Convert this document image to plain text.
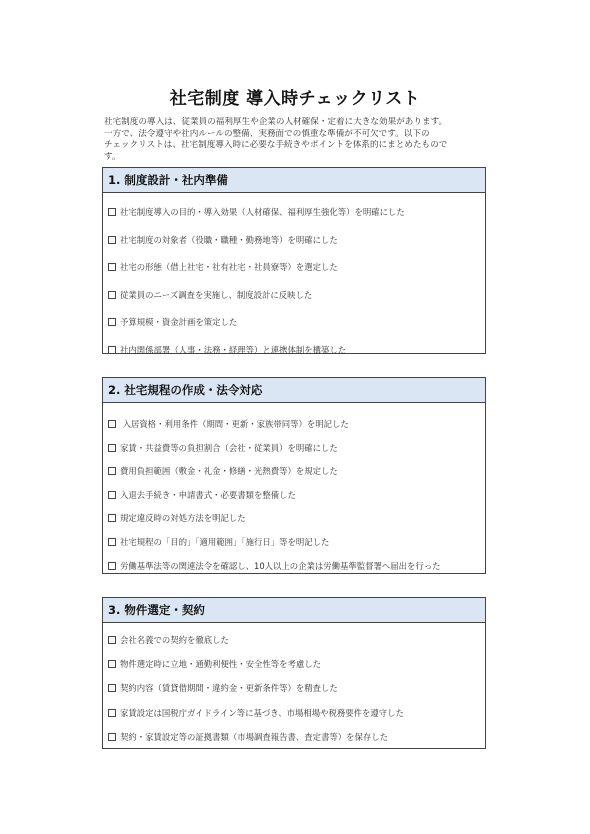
社宅制度 導入時チェックリスト
社宅制度の導入は、従業員の福利厚生や企業の人材確保・定着に大きな効果があります。
一方で、法令遵守や社内ルールの整備、実務面での慎重な準備が不可欠です。以下の
チェックリストは、社宅制度導入時に必要な手続きやポイントを体系的にまとめたもので
す。
1. 制度設計・社内準備
社宅制度導入の目的・導入効果（人材確保、福利厚生強化等）を明確にした
社宅制度の対象者（役職・職種・勤務地等）を明確にした
社宅の形態（借上社宅・社有社宅・社員寮等）を選定した
従業員のニーズ調査を実施し、制度設計に反映した
予算規模・資金計画を策定した
社内関係部署（人事・法務・経理等）と連携体制を構築した
2. 社宅規程の作成・法令対応
入居資格・利用条件（期間・更新・家族帯同等）を明記した
家賃・共益費等の負担割合（会社・従業員）を明確にした
費用負担範囲（敷金・礼金・修繕・光熱費等）を規定した
入退去手続き・申請書式・必要書類を整備した
規定違反時の対処方法を明記した
社宅規程の「目的」「適用範囲」「施行日」等を明記した
労働基準法等の関連法令を確認し、10人以上の企業は労働基準監督署へ届出を行った
3. 物件選定・契約
会社名義での契約を徹底した
物件選定時に立地・通勤利便性・安全性等を考慮した
契約内容（賃貸借期間・違約金・更新条件等）を精査した
家賃設定は国税庁ガイドライン等に基づき、市場相場や税務要件を遵守した
契約・家賃設定等の証拠書類（市場調査報告書、査定書等）を保存した
